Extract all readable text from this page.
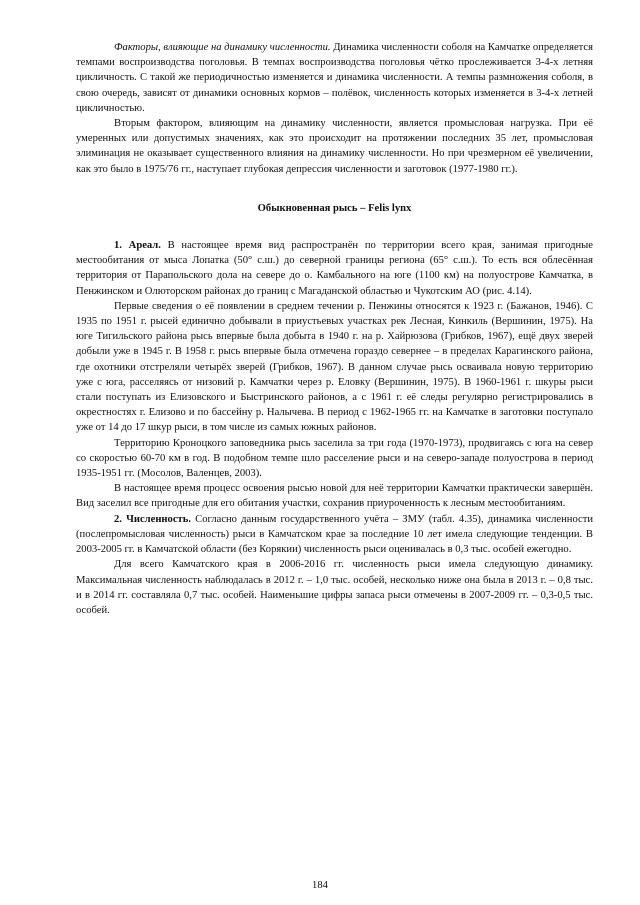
Факторы, влияющие на динамику численности. Динамика численности соболя на Камчатке определяется темпами воспроизводства поголовья. В темпах воспроизводства поголовья чётко прослеживается 3-4-х летняя цикличность. С такой же периодичностью изменяется и динамика численности. А темпы размножения соболя, в свою очередь, зависят от динамики основных кормов – полёвок, численность которых изменяется в 3-4-х летней цикличностью.

Вторым фактором, влияющим на динамику численности, является промысловая нагрузка. При её умеренных или допустимых значениях, как это происходит на протяжении последних 35 лет, промысловая элиминация не оказывает существенного влияния на динамику численности. Но при чрезмерном её увеличении, как это было в 1975/76 гг., наступает глубокая депрессия численности и заготовок (1977-1980 гг.).

Обыкновенная рысь – Felis lynx

1. Ареал. В настоящее время вид распространён по территории всего края, занимая пригодные местообитания от мыса Лопатка (50° с.ш.) до северной границы региона (65° с.ш.). То есть вся облесённая территория от Парапольского дола на севере до о. Камбального на юге (1100 км) на полуострове Камчатка, в Пенжинском и Олюторском районах до границ с Магаданской областью и Чукотским АО (рис. 4.14).

Первые сведения о её появлении в среднем течении р. Пенжины относятся к 1923 г. (Бажанов, 1946). С 1935 по 1951 г. рысей единично добывали в приустьевых участках рек Лесная, Кинкиль (Вершинин, 1975). На юге Тигильского района рысь впервые была добыта в 1940 г. на р. Хайрюзова (Грибков, 1967), ещё двух зверей добыли уже в 1945 г. В 1958 г. рысь впервые была отмечена гораздо севернее – в пределах Карагинского района, где охотники отстреляли четырёх зверей (Грибков, 1967). В данном случае рысь осваивала новую территорию уже с юга, расселяясь от низовий р. Камчатки через р. Еловку (Вершинин, 1975). В 1960-1961 г. шкуры рыси стали поступать из Елизовского и Быстринского районов, а с 1961 г. её следы регулярно регистрировались в окрестностях г. Елизово и по бассейну р. Налычева. В период с 1962-1965 гг. на Камчатке в заготовки поступало уже от 14 до 17 шкур рыси, в том числе из самых южных районов.

Территорию Кроноцкого заповедника рысь заселила за три года (1970-1973), продвигаясь с юга на север со скоростью 60-70 км в год. В подобном темпе шло расселение рыси и на северо-западе полуострова в период 1935-1951 гг. (Мосолов, Валенцев, 2003).

В настоящее время процесс освоения рысью новой для неё территории Камчатки практически завершён. Вид заселил все пригодные для его обитания участки, сохранив приуроченность к лесным местообитаниям.

2. Численность. Согласно данным государственного учёта – ЗМУ (табл. 4.35), динамика численности (послепромысловая численность) рыси в Камчатском крае за последние 10 лет имела следующие тенденции. В 2003-2005 гг. в Камчатской области (без Корякии) численность рыси оценивалась в 0,3 тыс. особей ежегодно.

Для всего Камчатского края в 2006-2016 гг. численность рыси имела следующую динамику. Максимальная численность наблюдалась в 2012 г. – 1,0 тыс. особей, несколько ниже она была в 2013 г. – 0,8 тыс. и в 2014 гг. составляла 0,7 тыс. особей. Наименьшие цифры запаса рыси отмечены в 2007-2009 гг. – 0,3-0,5 тыс. особей.

184
